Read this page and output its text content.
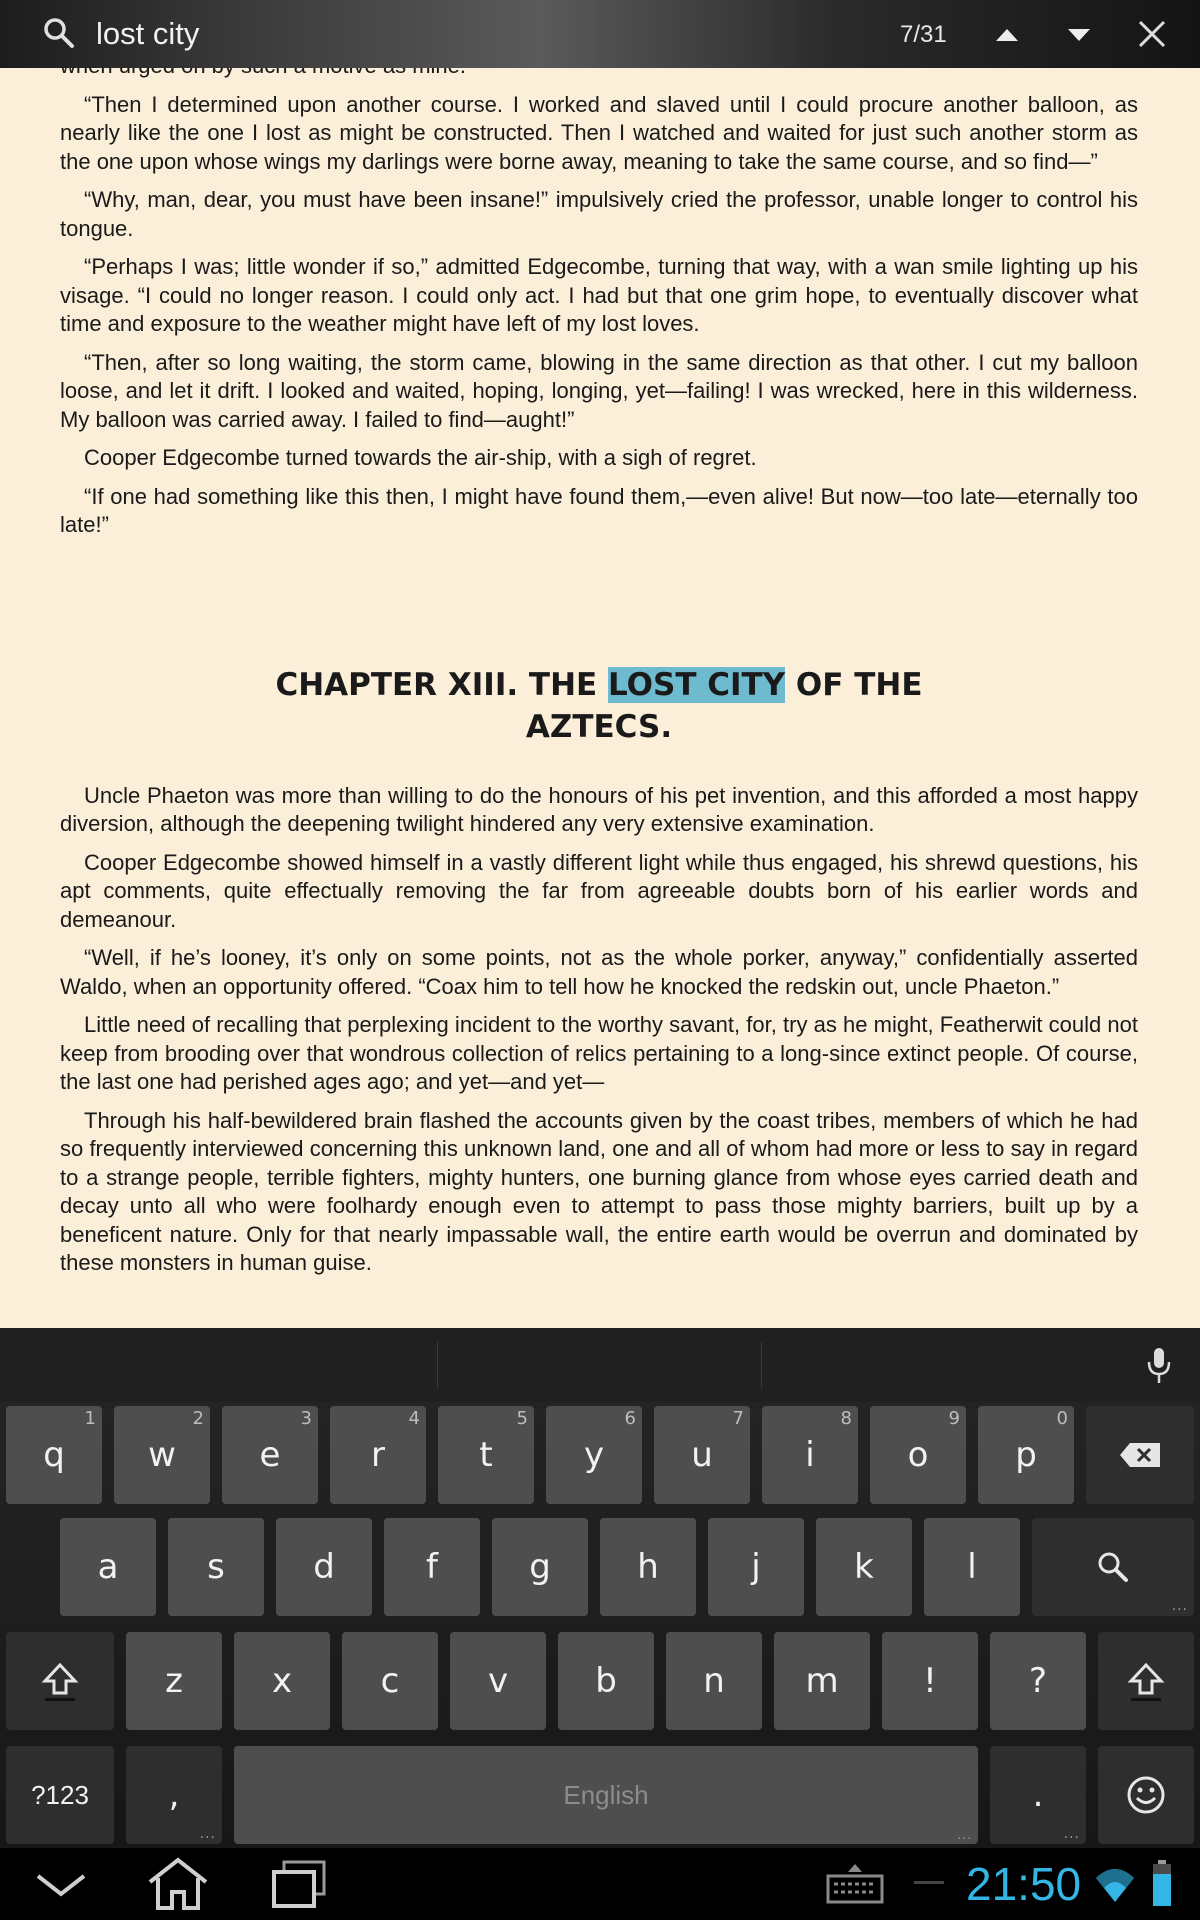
lost city	7/31

“Then I determined upon another course. I worked and slaved until I could procure another balloon, as nearly like the one I lost as might be constructed. Then I watched and waited for just such another storm as the one upon whose wings my darlings were borne away, meaning to take the same course, and so find—”

“Why, man, dear, you must have been insane!” impulsively cried the professor, unable longer to control his tongue.

“Perhaps I was; little wonder if so,” admitted Edgecombe, turning that way, with a wan smile lighting up his visage. “I could no longer reason. I could only act. I had but that one grim hope, to eventually discover what time and exposure to the weather might have left of my lost loves.

“Then, after so long waiting, the storm came, blowing in the same direction as that other. I cut my balloon loose, and let it drift. I looked and waited, hoping, longing, yet—failing! I was wrecked, here in this wilderness. My balloon was carried away. I failed to find—aught!”

Cooper Edgecombe turned towards the air-ship, with a sigh of regret.

“If one had something like this then, I might have found them,—even alive! But now—too late—eternally too late!”

CHAPTER XIII. THE LOST CITY OF THE AZTECS.

Uncle Phaeton was more than willing to do the honours of his pet invention, and this afforded a most happy diversion, although the deepening twilight hindered any very extensive examination.

Cooper Edgecombe showed himself in a vastly different light while thus engaged, his shrewd questions, his apt comments, quite effectually removing the far from agreeable doubts born of his earlier words and demeanour.

“Well, if he’s looney, it’s only on some points, not as the whole porker, anyway,” confidentially asserted Waldo, when an opportunity offered. “Coax him to tell how he knocked the redskin out, uncle Phaeton.”

Little need of recalling that perplexing incident to the worthy savant, for, try as he might, Featherwit could not keep from brooding over that wondrous collection of relics pertaining to a long-since extinct people. Of course, the last one had perished ages ago; and yet—and yet—

Through his half-bewildered brain flashed the accounts given by the coast tribes, members of which he had so frequently interviewed concerning this unknown land, one and all of whom had more or less to say in regard to a strange people, terrible fighters, mighty hunters, one burning glance from whose eyes carried death and decay unto all who were foolhardy enough even to attempt to pass those mighty barriers, built up by a beneficent nature. Only for that nearly impassable wall, the entire earth would be overrun and dominated by these monsters in human guise.

q
1
w
2
e
3
r
4
t
5
y
6
u
7
i
8
o
9
p
0
a	s	d	f	g	h	j	k	l
...
z	x	c	v	b	n m !	?
?123 ,
...
English
...
.
...
21:50
